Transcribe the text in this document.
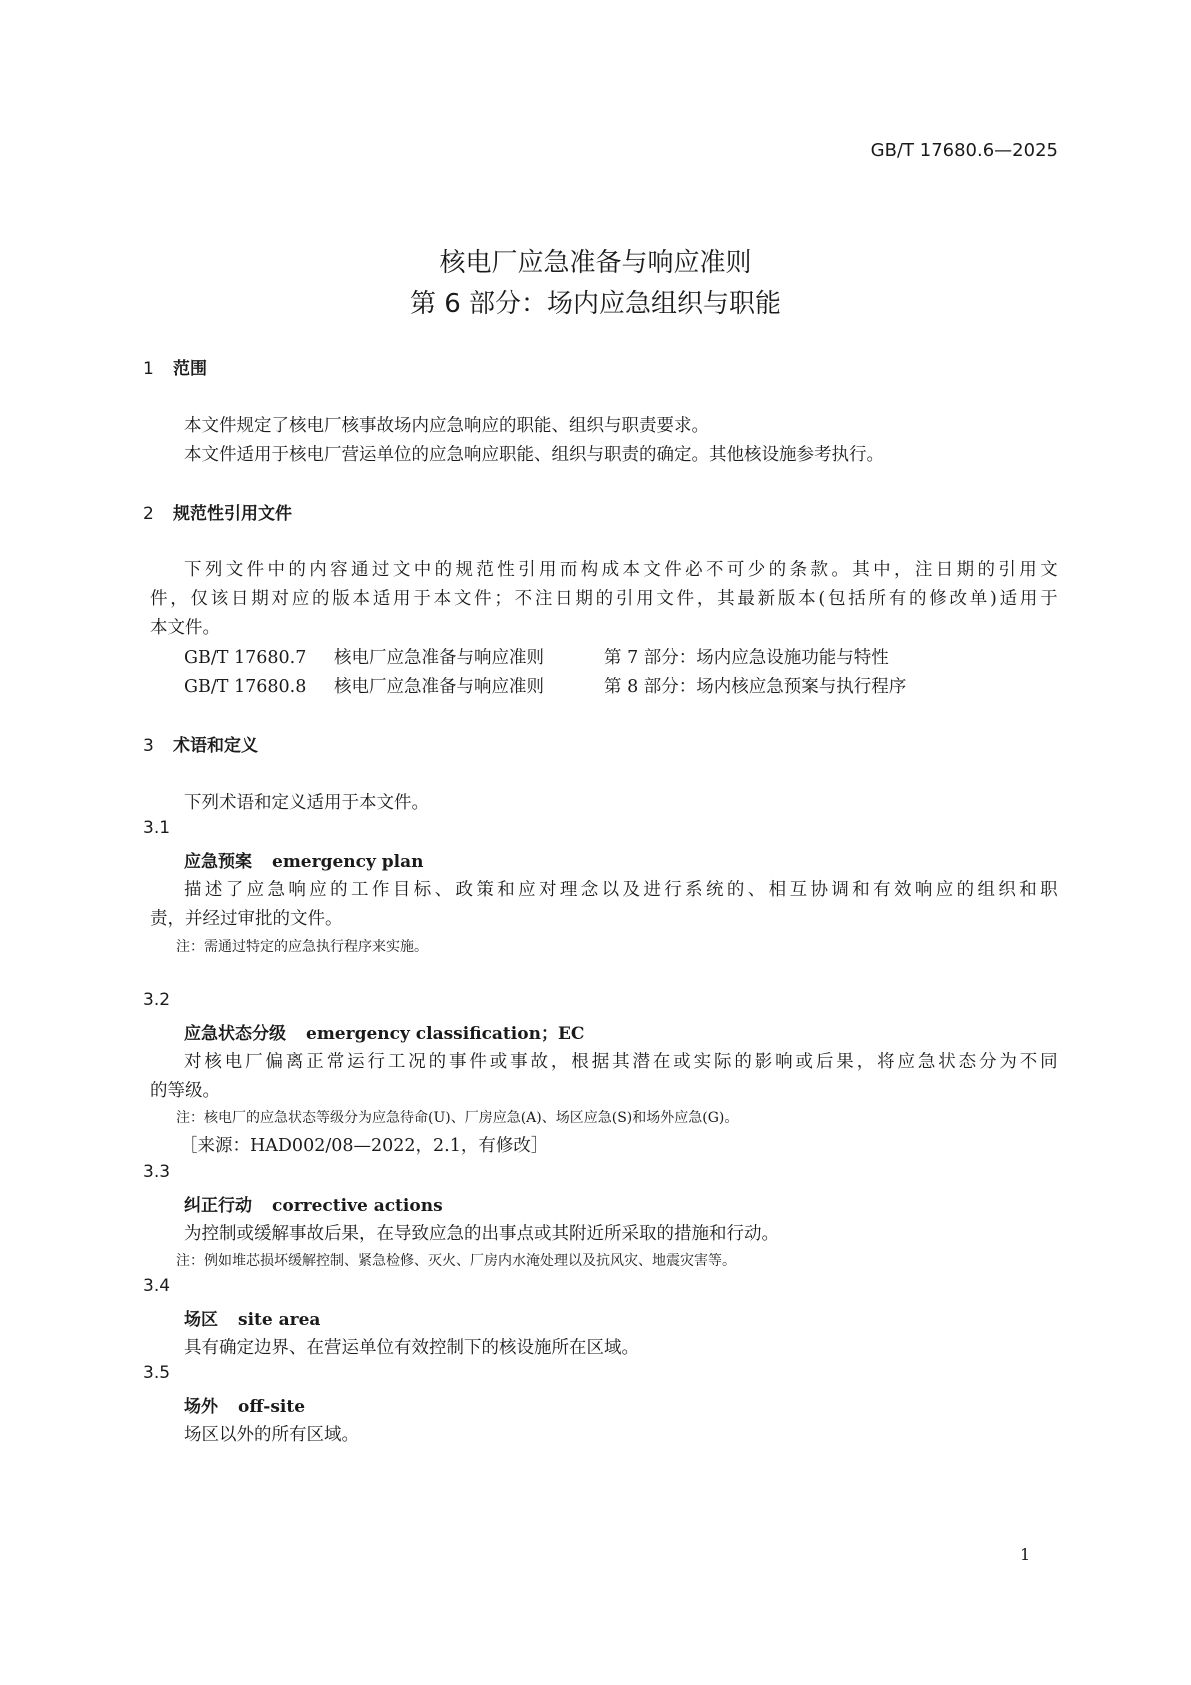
GB/T 17680.6—2025
核电厂应急准备与响应准则
第 6 部分：场内应急组织与职能
1 范围
本文件规定了核电厂核事故场内应急响应的职能、组织与职责要求。
本文件适用于核电厂营运单位的应急响应职能、组织与职责的确定。其他核设施参考执行。
2 规范性引用文件
下列文件中的内容通过文中的规范性引用而构成本文件必不可少的条款。其中，注日期的引用文
件，仅该日期对应的版本适用于本文件；不注日期的引用文件，其最新版本(包括所有的修改单)适用于
本文件。
GB/T 17680.7 核电厂应急准备与响应准则	第 7 部分：场内应急设施功能与特性
GB/T 17680.8 核电厂应急准备与响应准则	第 8 部分：场内核应急预案与执行程序
3 术语和定义
下列术语和定义适用于本文件。
3.1
应急预案 emergency plan
描述了应急响应的工作目标、政策和应对理念以及进行系统的、相互协调和有效响应的组织和职
责，并经过审批的文件。
注：需通过特定的应急执行程序来实施。
3.2
应急状态分级 emergency classification；EC
对核电厂偏离正常运行工况的事件或事故，根据其潜在或实际的影响或后果，将应急状态分为不同
的等级。
注：核电厂的应急状态等级分为应急待命(U)、厂房应急(A)、场区应急(S)和场外应急(G)。
［来源：HAD002/08—2022，2.1，有修改］
3.3
纠正行动 corrective actions
为控制或缓解事故后果，在导致应急的出事点或其附近所采取的措施和行动。
注：例如堆芯损坏缓解控制、紧急检修、灭火、厂房内水淹处理以及抗风灾、地震灾害等。
3.4
场区 site area
具有确定边界、在营运单位有效控制下的核设施所在区域。
3.5
场外 off-site
场区以外的所有区域。
1
